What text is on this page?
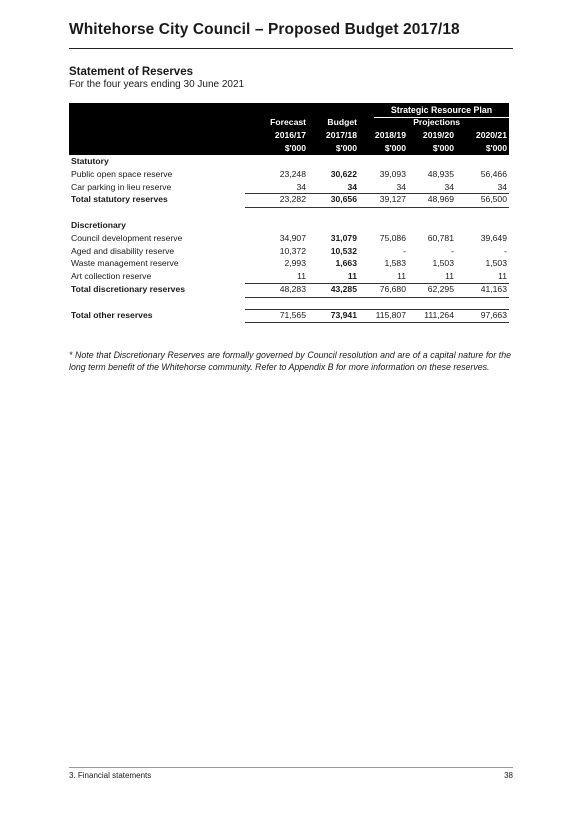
Whitehorse City Council – Proposed Budget 2017/18
Statement of Reserves
For the four years ending 30 June 2021
Strategic Resource Plan
Forecast Budget	Projections
2016/17 2017/18 2018/19 2019/20	2020/21
$'000	$'000	$'000	$'000	$'000
Statutory
Public open space reserve	23,248	30,622	39,093	48,935	56,466
Car parking in lieu reserve	34	34	34	34	34
Total statutory reserves	23,282	30,656	39,127	48,969	56,500
Discretionary
Council development reserve	34,907	31,079	75,086	60,781	39,649
Aged and disability reserve	10,372	10,532	-	-	-
Waste management reserve	2,993	1,663	1,583	1,503	1,503
Art collection reserve	11	11	11	11	11
Total discretionary reserves	48,283	43,285	76,680	62,295	41,163
Total other reserves	71,565	73,941	115,807	111,264	97,663
* Note that Discretionary Reserves are formally governed by Council resolution and are of a capital nature for the long term benefit of the Whitehorse community. Refer to Appendix B for more information on these reserves.
3. Financial statements	38
